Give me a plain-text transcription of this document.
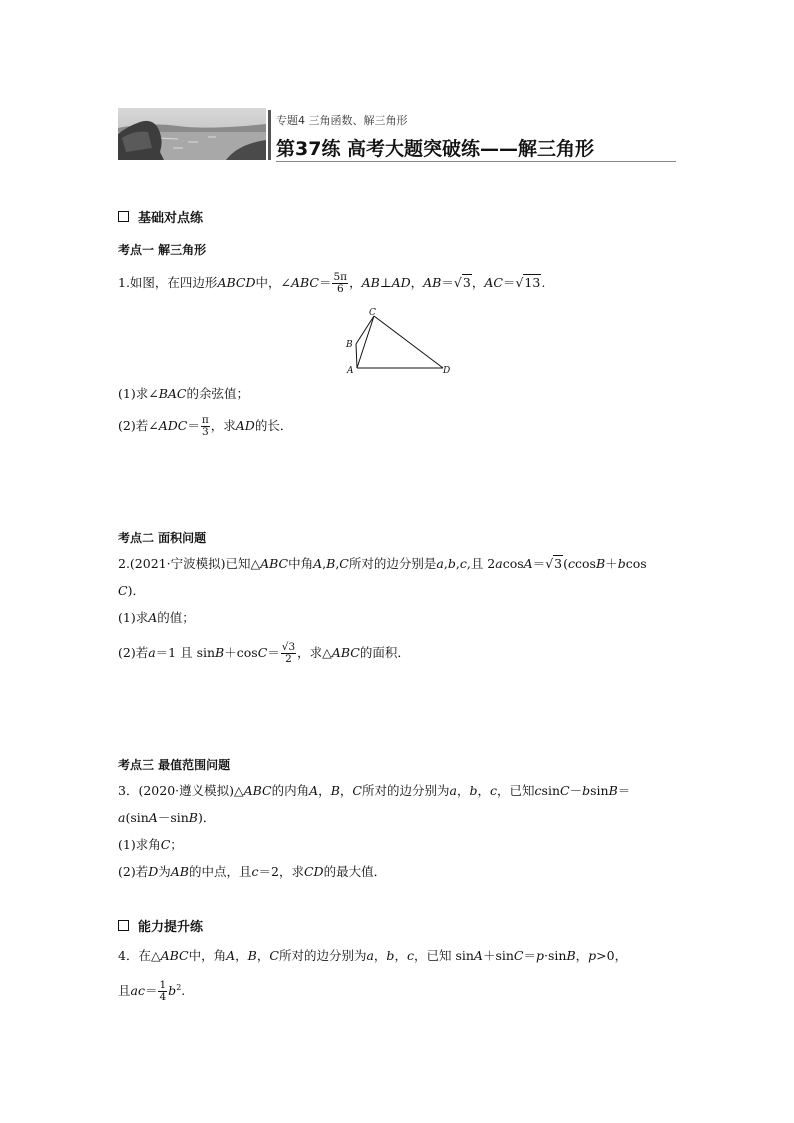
专题4 三角函数、解三角形
第37练 高考大题突破练——解三角形
基础对点练
考点一 解三角形
1.如图，在四边形ABCD中，∠ABC＝ $\frac{5\pi}{6}$ ，AB⊥AD，AB＝√3，AC＝√13.
C
B
A	D
(1)求∠BAC的余弦值；
(2)若∠ADC＝ $\frac{\pi}{3}$ ，求AD的长．
考点二 面积问题
2.(2021·宁波模拟)已知△ABC中角A,B,C所对的边分别是a,b,c,且 2acosA＝√3(ccosB＋bcos
C)．
(1)求A的值；
(2)若a＝1 且 $\sin B+\cos C= \frac{√3}{2}$ ，求△ABC的面积．
考点三 最值范围问题
3．(2020·遵义模拟)△ABC的内角A，B，C所对的边分别为a，b，c，已知csinC－bsinB＝
a(sinA－sinB)．
(1)求角C；
(2)若D为AB的中点，且c＝2，求CD的最大值．
能力提升练
4．在△ABC中，角A，B，C所对的边分别为a，b，c，已知 sinA＋sinC＝p·sinB，p>0，
且$ac= \frac{1}{4} b^2$.
